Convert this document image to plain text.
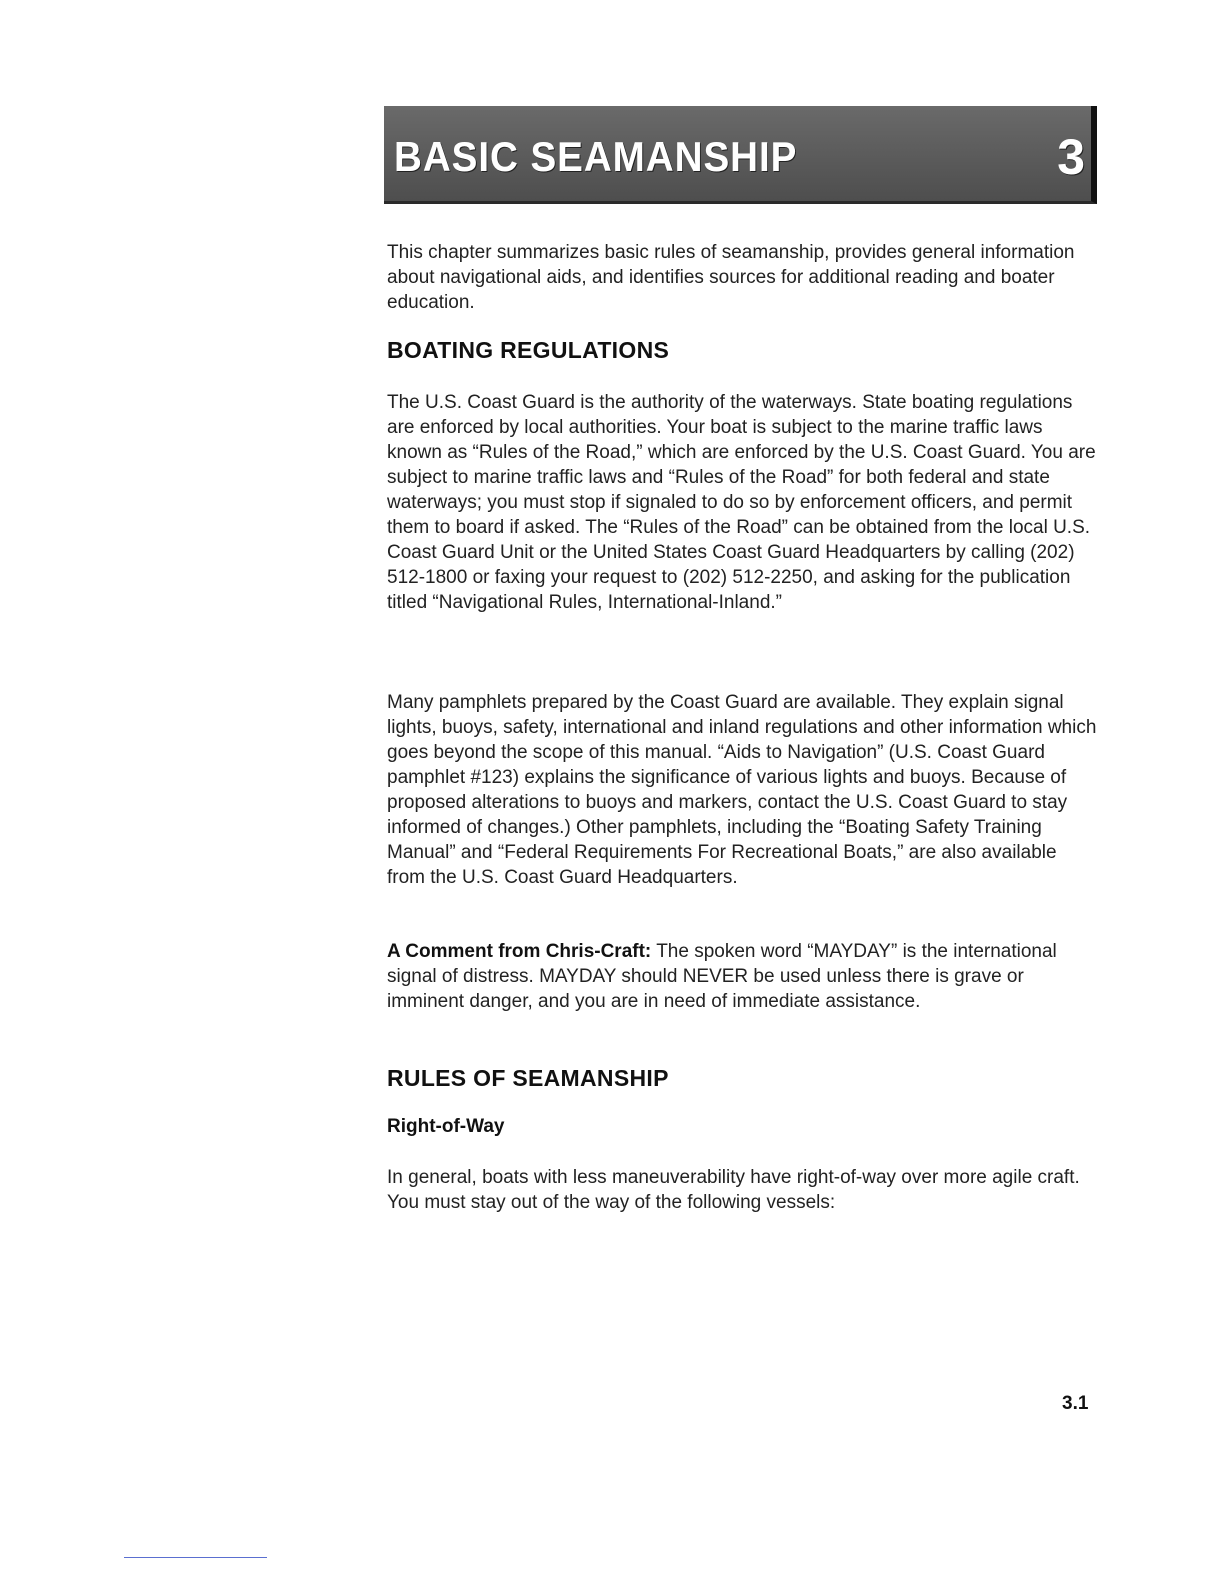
BASIC SEAMANSHIP	3

This chapter summarizes basic rules of seamanship, provides general information about navigational aids, and identifies sources for additional reading and boater education.

BOATING REGULATIONS

The U.S. Coast Guard is the authority of the waterways. State boating regulations are enforced by local authorities. Your boat is subject to the marine traffic laws known as “Rules of the Road,” which are enforced by the U.S. Coast Guard. You are subject to marine traffic laws and “Rules of the Road” for both federal and state waterways; you must stop if signaled to do so by enforcement officers, and permit them to board if asked. The “Rules of the Road” can be obtained from the local U.S. Coast Guard Unit or the United States Coast Guard Headquarters by calling (202) 512-1800 or faxing your request to (202) 512-2250, and asking for the publication titled “Navigational Rules, International-Inland.”

Many pamphlets prepared by the Coast Guard are available. They explain signal lights, buoys, safety, international and inland regulations and other information which goes beyond the scope of this manual. “Aids to Navigation” (U.S. Coast Guard pamphlet #123) explains the significance of various lights and buoys. Because of proposed alterations to buoys and markers, contact the U.S. Coast Guard to stay informed of changes.) Other pamphlets, including the “Boating Safety Training Manual” and “Federal Requirements For Recreational Boats,” are also available from the U.S. Coast Guard Headquarters.

A Comment from Chris-Craft: The spoken word “MAYDAY” is the international signal of distress. MAYDAY should NEVER be used unless there is grave or imminent danger, and you are in need of immediate assistance.

RULES OF SEAMANSHIP
Right-of-Way

In general, boats with less maneuverability have right-of-way over more agile craft. You must stay out of the way of the following vessels:

3.1
